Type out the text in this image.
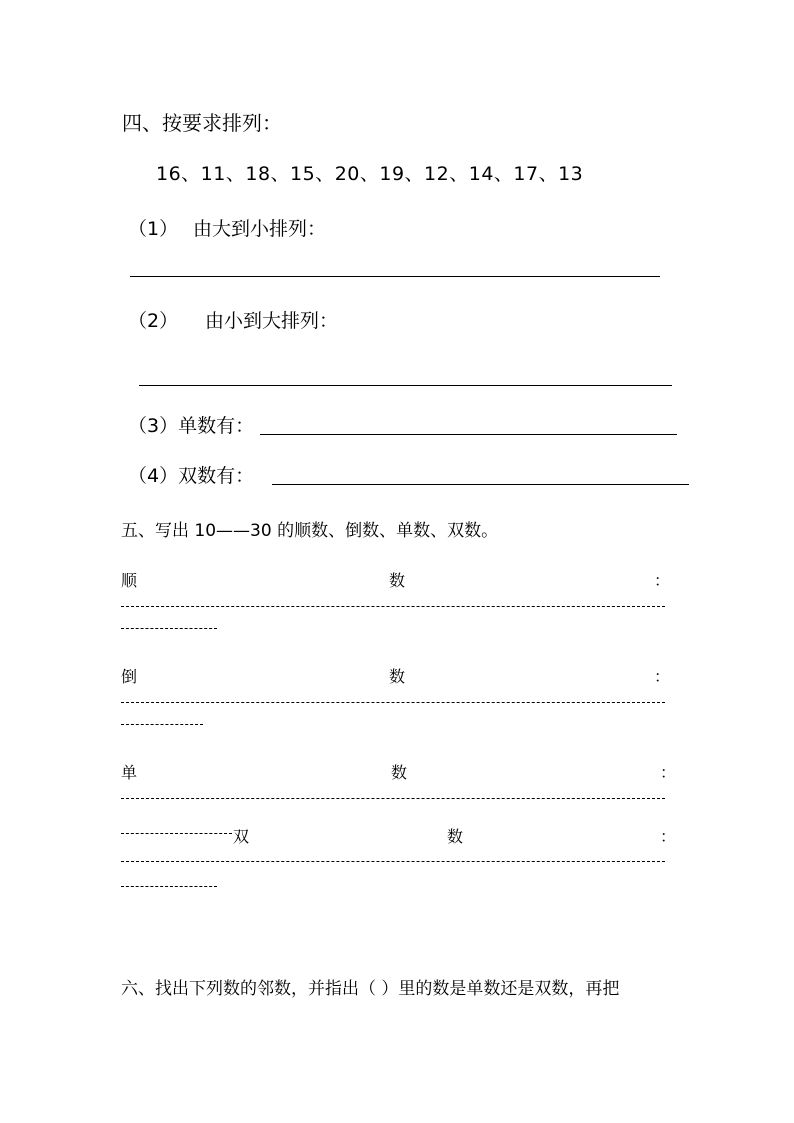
四、按要求排列：
16、11、18、15、20、19、12、14、17、13
（1） 由大到小排列：
（2） 由小到大排列：
（3）单数有：
（4）双数有：
五、写出 10——30 的顺数、倒数、单数、双数。
顺	数	：
倒	数	：
单	数	：
双	数	：
六、找出下列数的邻数，并指出（ ）里的数是单数还是双数，再把
